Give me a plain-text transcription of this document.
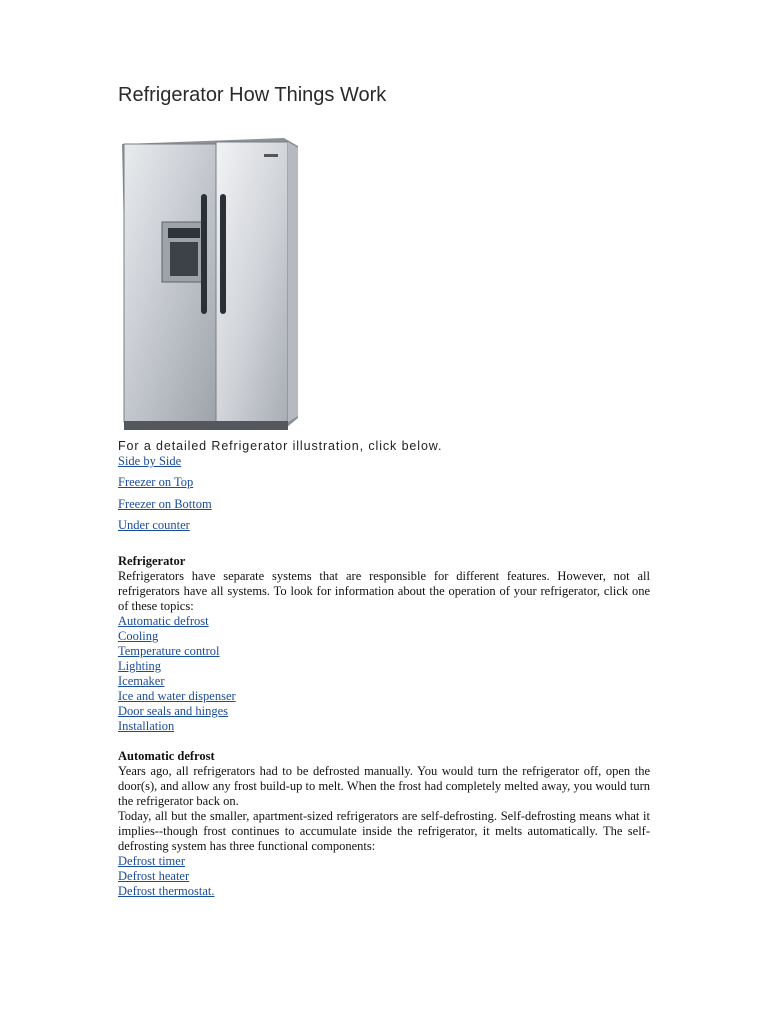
Refrigerator How Things Work
For a detailed Refrigerator illustration, click below.
Side by Side
Freezer on Top
Freezer on Bottom
Under counter
Refrigerator

Refrigerators have separate systems that are responsible for different features. However, not all refrigerators have all systems. To look for information about the operation of your refrigerator, click one of these topics:

Automatic defrost
Cooling
Temperature control
Lighting
Icemaker
Ice and water dispenser
Door seals and hinges
Installation
Automatic defrost

Years ago, all refrigerators had to be defrosted manually. You would turn the refrigerator off, open the door(s), and allow any frost build-up to melt. When the frost had completely melted away, you would turn the refrigerator back on.

Today, all but the smaller, apartment-sized refrigerators are self-defrosting. Self-defrosting means what it implies--though frost continues to accumulate inside the refrigerator, it melts automatically. The self-defrosting system has three functional components:

Defrost timer
Defrost heater
Defrost thermostat.
